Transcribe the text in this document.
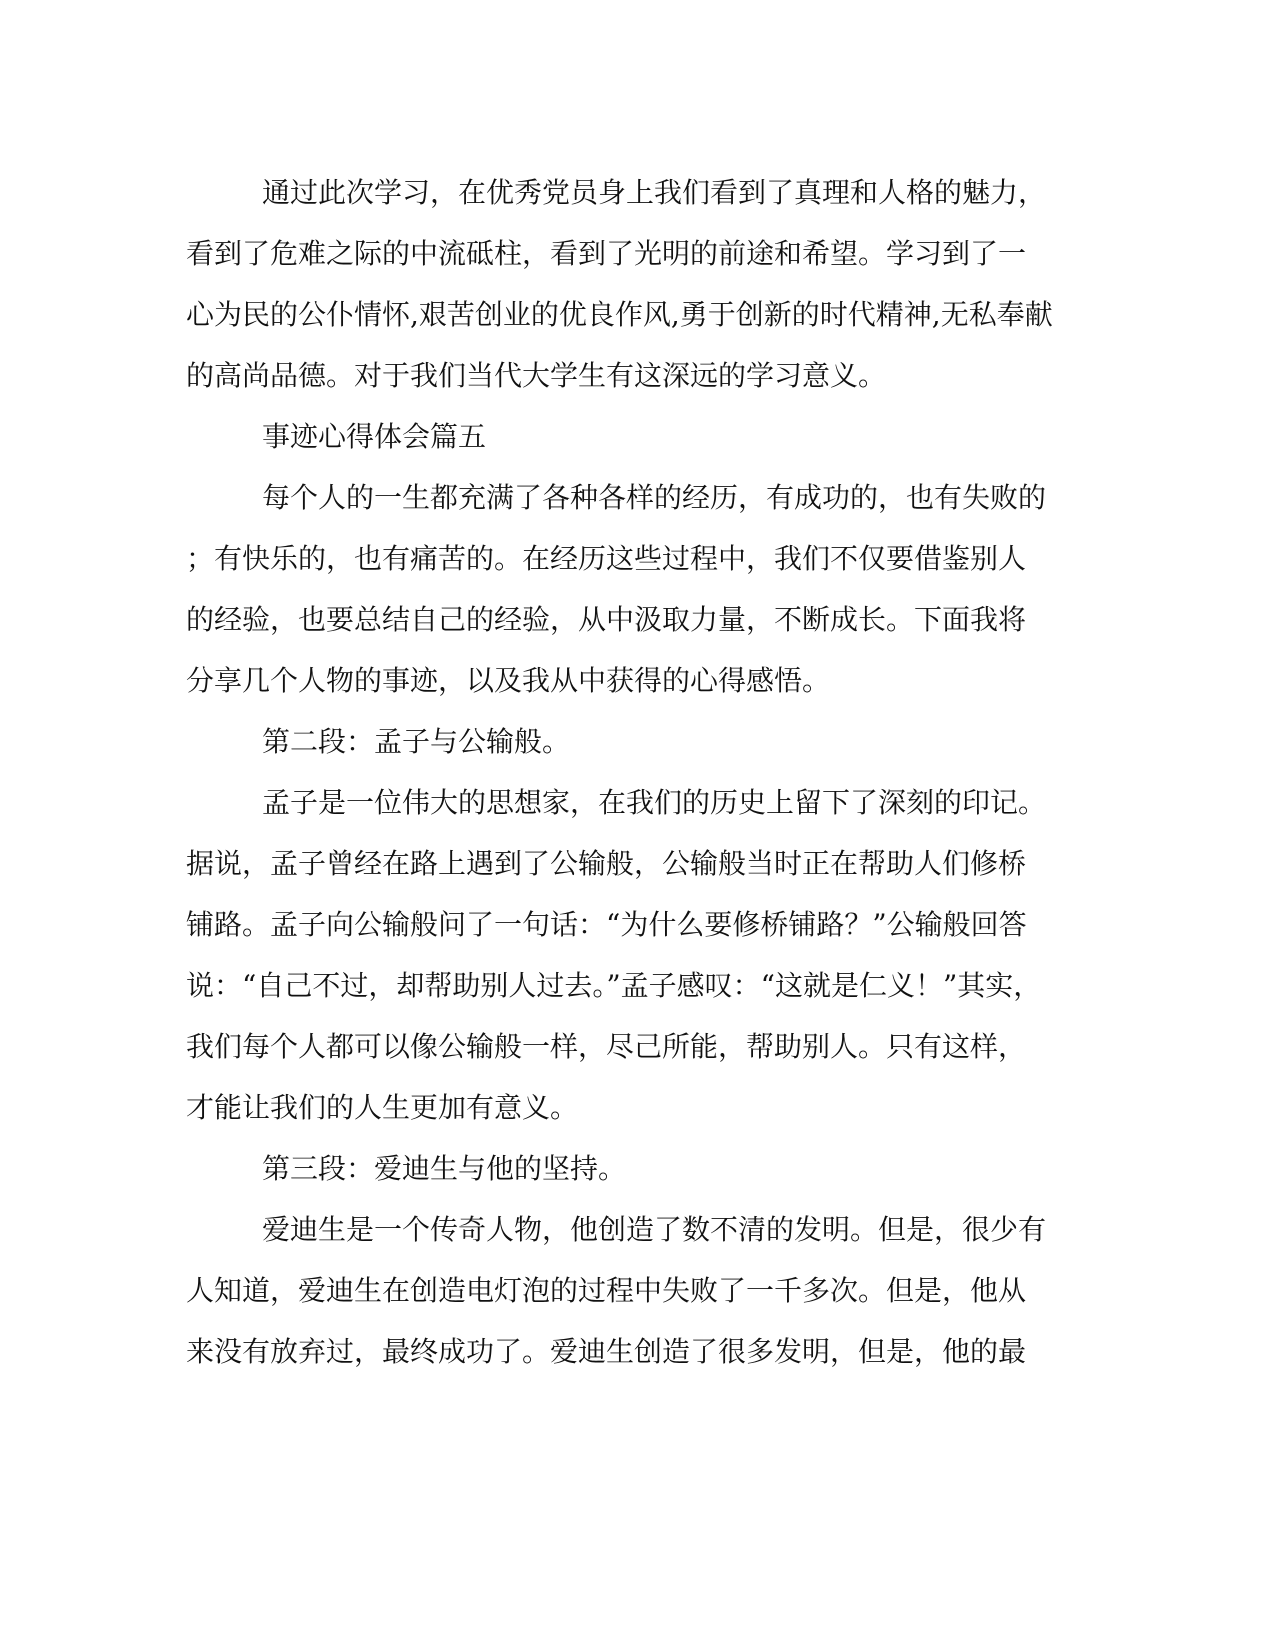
通过此次学习，在优秀党员身上我们看到了真理和人格的魅力，
看到了危难之际的中流砥柱，看到了光明的前途和希望。学习到了一
心为民的公仆情怀,艰苦创业的优良作风,勇于创新的时代精神,无私奉献
的高尚品德。对于我们当代大学生有这深远的学习意义。
事迹心得体会篇五
每个人的一生都充满了各种各样的经历，有成功的，也有失败的
；有快乐的，也有痛苦的。在经历这些过程中，我们不仅要借鉴别人
的经验，也要总结自己的经验，从中汲取力量，不断成长。下面我将
分享几个人物的事迹，以及我从中获得的心得感悟。
第二段：孟子与公输般。
孟子是一位伟大的思想家，在我们的历史上留下了深刻的印记。
据说，孟子曾经在路上遇到了公输般，公输般当时正在帮助人们修桥
铺路。孟子向公输般问了一句话：“为什么要修桥铺路？”公输般回答
说：“自己不过，却帮助别人过去。”孟子感叹：“这就是仁义！”其实，
我们每个人都可以像公输般一样，尽己所能，帮助别人。只有这样，
才能让我们的人生更加有意义。
第三段：爱迪生与他的坚持。
爱迪生是一个传奇人物，他创造了数不清的发明。但是，很少有
人知道，爱迪生在创造电灯泡的过程中失败了一千多次。但是，他从
来没有放弃过，最终成功了。爱迪生创造了很多发明，但是，他的最
